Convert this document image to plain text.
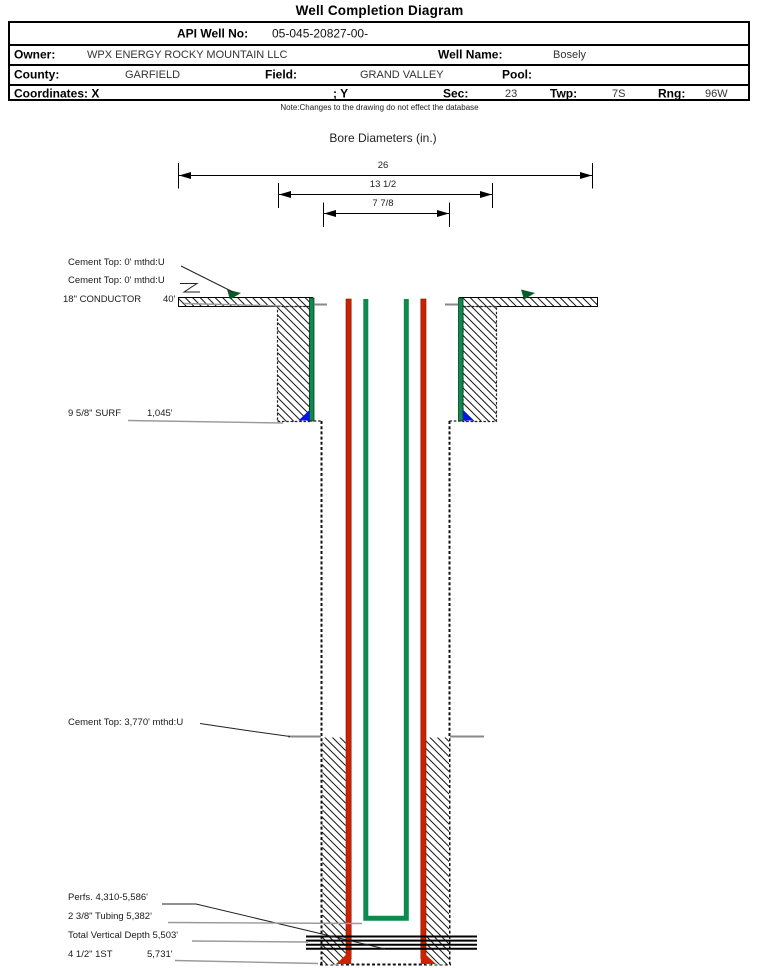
Well Completion Diagram
API Well No: 05-045-20827-00-
Owner:	WPX ENERGY ROCKY MOUNTAIN LLC	Well Name:	Bosely
County:	GARFIELD	Field:	GRAND VALLEY	Pool:
Coordinates: X	; Y	Sec:	23	Twp:	7S	Rng: 96W
Note:Changes to the drawing do not effect the database
Bore Diameters (in.)
26
13 1/2
7 7/8
Cement Top: 0' mthd:U
Cement Top: 0' mthd:U
18" CONDUCTOR 40'
9 5/8" SURF	1,045'
Cement Top: 3,770' mthd:U
Perfs. 4,310-5,586'
2 3/8" Tubing 5,382'
Total Vertical Depth 5,503'
4 1/2" 1ST	5,731'
